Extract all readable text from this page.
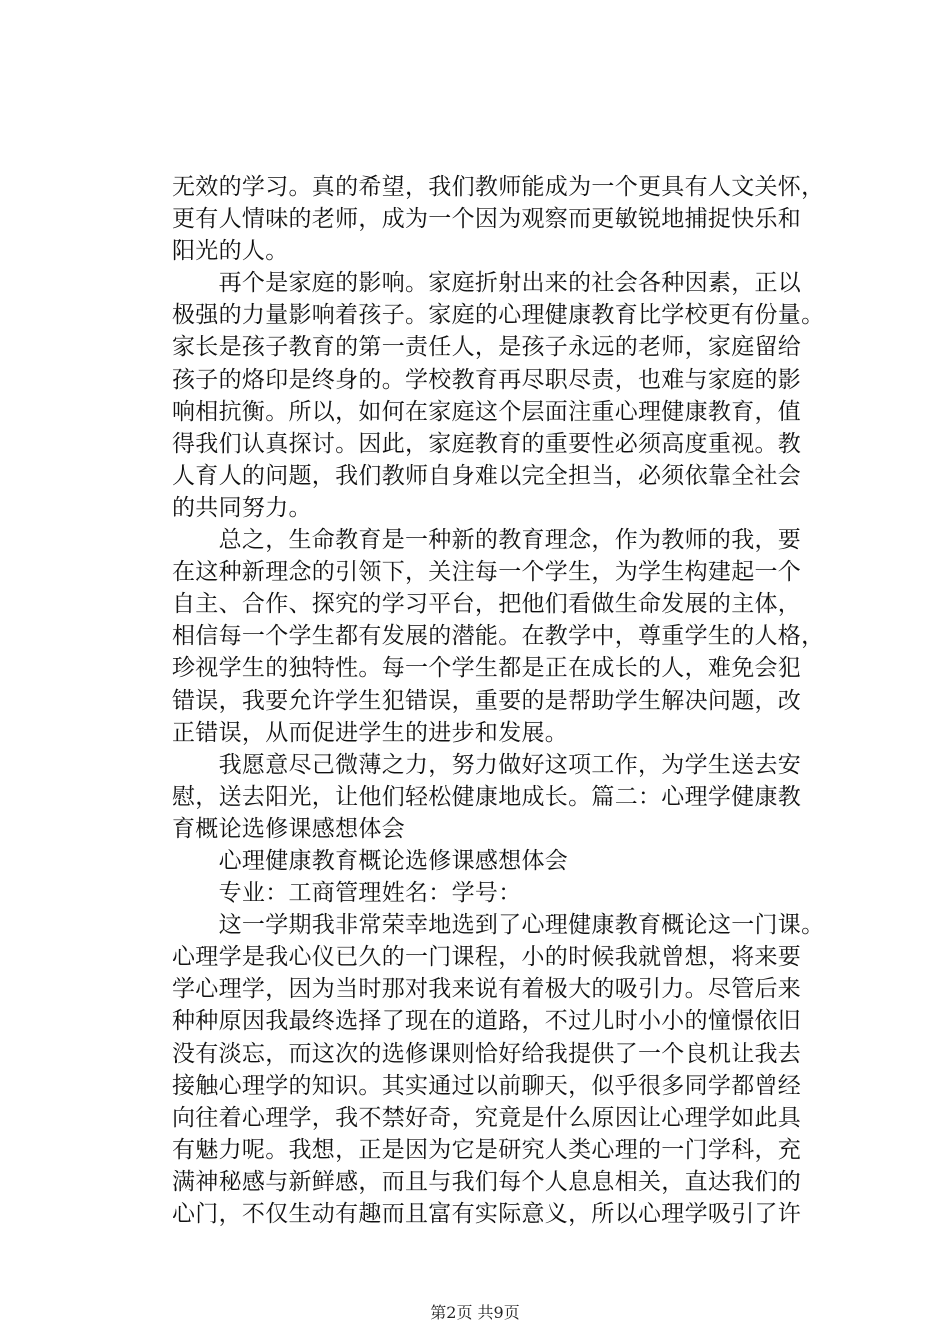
无效的学习。真的希望，我们教师能成为一个更具有人文关怀，
更有人情味的老师，成为一个因为观察而更敏锐地捕捉快乐和
阳光的人。
　　再个是家庭的影响。家庭折射出来的社会各种因素，正以
极强的力量影响着孩子。家庭的心理健康教育比学校更有份量。
家长是孩子教育的第一责任人，是孩子永远的老师，家庭留给
孩子的烙印是终身的。学校教育再尽职尽责，也难与家庭的影
响相抗衡。所以，如何在家庭这个层面注重心理健康教育，值
得我们认真探讨。因此，家庭教育的重要性必须高度重视。教
人育人的问题，我们教师自身难以完全担当，必须依靠全社会
的共同努力。
　　总之，生命教育是一种新的教育理念，作为教师的我，要
在这种新理念的引领下，关注每一个学生，为学生构建起一个
自主、合作、探究的学习平台，把他们看做生命发展的主体，
相信每一个学生都有发展的潜能。在教学中，尊重学生的人格，
珍视学生的独特性。每一个学生都是正在成长的人，难免会犯
错误，我要允许学生犯错误，重要的是帮助学生解决问题，改
正错误，从而促进学生的进步和发展。
　　我愿意尽己微薄之力，努力做好这项工作，为学生送去安
慰，送去阳光，让他们轻松健康地成长。篇二：心理学健康教
育概论选修课感想体会
　　心理健康教育概论选修课感想体会
　　专业：工商管理姓名：学号：
　　这一学期我非常荣幸地选到了心理健康教育概论这一门课。
心理学是我心仪已久的一门课程，小的时候我就曾想，将来要
学心理学，因为当时那对我来说有着极大的吸引力。尽管后来
种种原因我最终选择了现在的道路，不过儿时小小的憧憬依旧
没有淡忘，而这次的选修课则恰好给我提供了一个良机让我去
接触心理学的知识。其实通过以前聊天，似乎很多同学都曾经
向往着心理学，我不禁好奇，究竟是什么原因让心理学如此具
有魅力呢。我想，正是因为它是研究人类心理的一门学科，充
满神秘感与新鲜感，而且与我们每个人息息相关，直达我们的
心门，不仅生动有趣而且富有实际意义，所以心理学吸引了许
第2页 共9页
